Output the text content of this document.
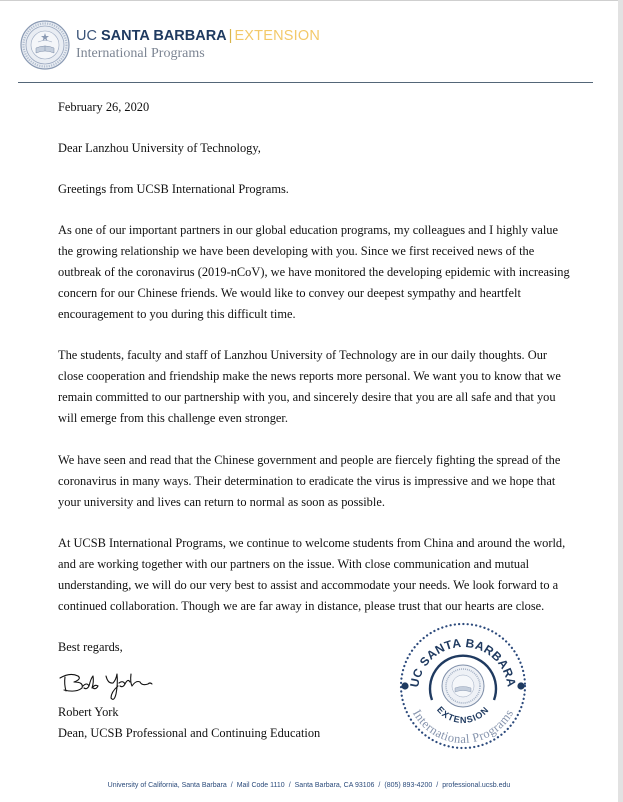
UC SANTA BARBARA | EXTENSION
International Programs

February 26, 2020

Dear Lanzhou University of Technology,

Greetings from UCSB International Programs.

As one of our important partners in our global education programs, my colleagues and I highly value
the growing relationship we have been developing with you. Since we first received news of the
outbreak of the coronavirus (2019-nCoV), we have monitored the developing epidemic with increasing
concern for our Chinese friends. We would like to convey our deepest sympathy and heartfelt
encouragement to you during this difficult time.

The students, faculty and staff of Lanzhou University of Technology are in our daily thoughts. Our
close cooperation and friendship make the news reports more personal. We want you to know that we
remain committed to our partnership with you, and sincerely desire that you are all safe and that you
will emerge from this challenge even stronger.

We have seen and read that the Chinese government and people are fiercely fighting the spread of the
coronavirus in many ways. Their determination to eradicate the virus is impressive and we hope that
your university and lives can return to normal as soon as possible.

At UCSB International Programs, we continue to welcome students from China and around the world,
and are working together with our partners on the issue. With close communication and mutual
understanding, we will do our very best to assist and accommodate your needs. We look forward to a
continued collaboration. Though we are far away in distance, please trust that our hearts are close.

Best regards,

Robert York
Dean, UCSB Professional and Continuing Education
UC SANTA BARBARA
EXTENSION
International Programs
University of California, Santa Barbara / Mail Code 1110 / Santa Barbara, CA 93106 / (805) 893-4200 / professional.ucsb.edu
